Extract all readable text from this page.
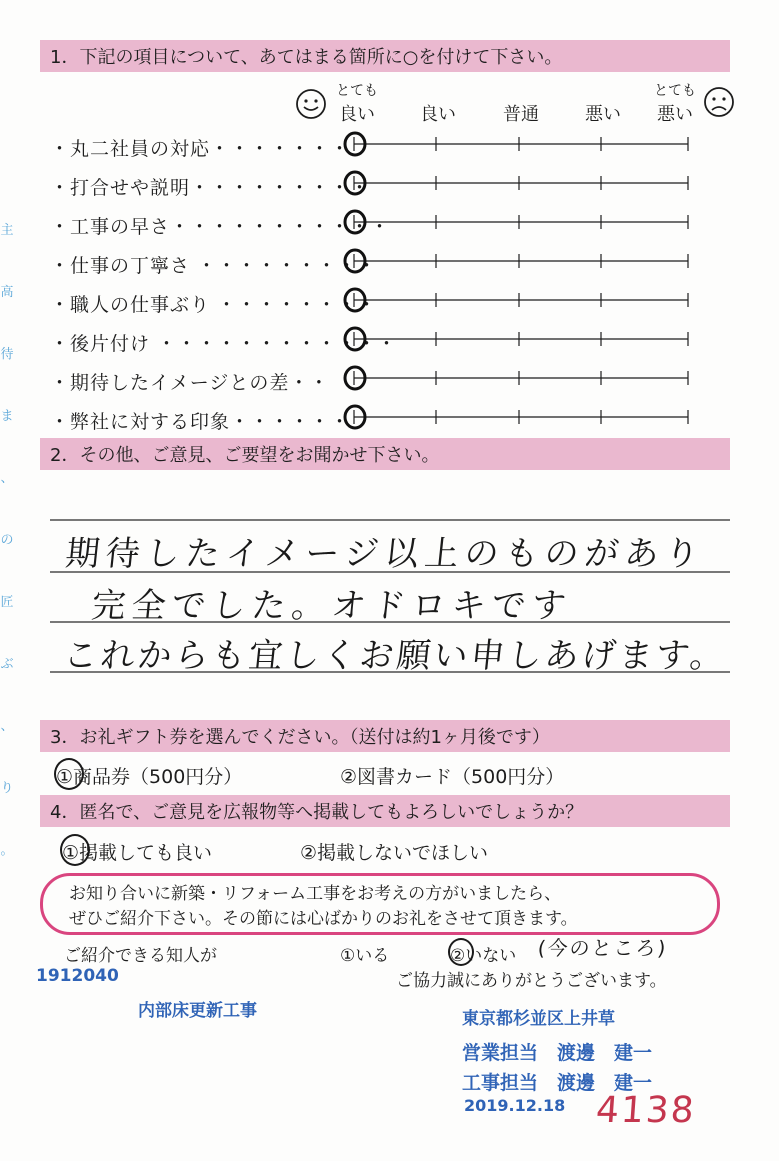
主
高
待
ま
、
の
匠
ぶ
、
り
。
1．下記の項目について、あてはまる箇所に○を付けて下さい。
とても
良い	良い	普通	悪い
とても
悪い
・丸二社員の対応・・・・・・・
・打合せや説明・・・・・・・・・
・工事の早さ・・・・・・・・・・・
・仕事の丁寧さ ・・・・・・・・・
・職人の仕事ぶり ・・・・・・・・
・後片付け ・・・・・・・・・・・・
・期待したイメージとの差・・
・弊社に対する印象・・・・・・
2．その他、ご意見、ご要望をお聞かせ下さい。
期待したイメージ以上のものがあり
完全でした。オドロキです
これからも宜しくお願い申しあげます。
3．お礼ギフト券を選んでください。（送付は約1ヶ月後です）
①商品券（500円分）	②図書カード（500円分）
4．匿名で、ご意見を広報物等へ掲載してもよろしいでしょうか？
①掲載しても良い	②掲載しないでほしい
お知り合いに新築・リフォーム工事をお考えの方がいましたら、
ぜひご紹介下さい。その節には心ばかりのお礼をさせて頂きます。
ご紹介できる知人が	①いる	②いない (今のところ)
ご協力誠にありがとうございます。
1912040
内部床更新工事	東京都杉並区上井草
営業担当　渡邊　建一
工事担当　渡邊　建一
2019.12.18 4138
